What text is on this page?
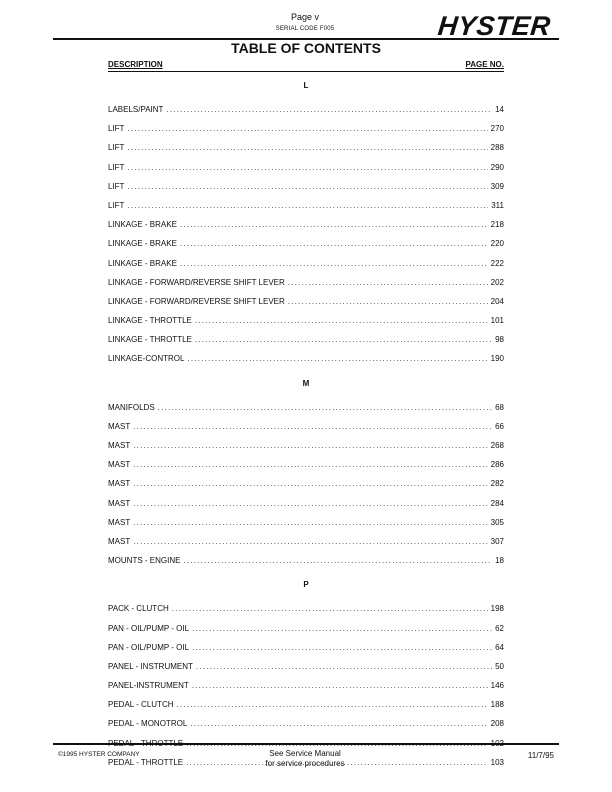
Page v
SERIAL CODE F005	HYSTER
TABLE OF CONTENTS
DESCRIPTION	PAGE NO.
L
LABELS/PAINT .....	14
LIFT .....	270
LIFT .....	288
LIFT .....	290
LIFT .....	309
LIFT .....	311
LINKAGE - BRAKE .....	218
LINKAGE - BRAKE .....	220
LINKAGE - BRAKE .....	222
LINKAGE - FORWARD/REVERSE SHIFT LEVER .....	202
LINKAGE - FORWARD/REVERSE SHIFT LEVER .....	204
LINKAGE - THROTTLE .....	101
LINKAGE - THROTTLE .....	98
LINKAGE-CONTROL .....	190
M
MANIFOLDS .....	68
MAST .....	66
MAST .....	268
MAST .....	286
MAST .....	282
MAST .....	284
MAST .....	305
MAST .....	307
MOUNTS - ENGINE .....	18
P
PACK - CLUTCH .....	198
PAN - OIL/PUMP - OIL .....	62
PAN - OIL/PUMP - OIL .....	64
PANEL - INSTRUMENT .....	50
PANEL-INSTRUMENT .....	146
PEDAL - CLUTCH .....	188
PEDAL - MONOTROL .....	208
PEDAL - THROTTLE .....	102
PEDAL - THROTTLE .....	103
©1995 HYSTER COMPANY	See Service Manual
for service procedures
11/7/95
